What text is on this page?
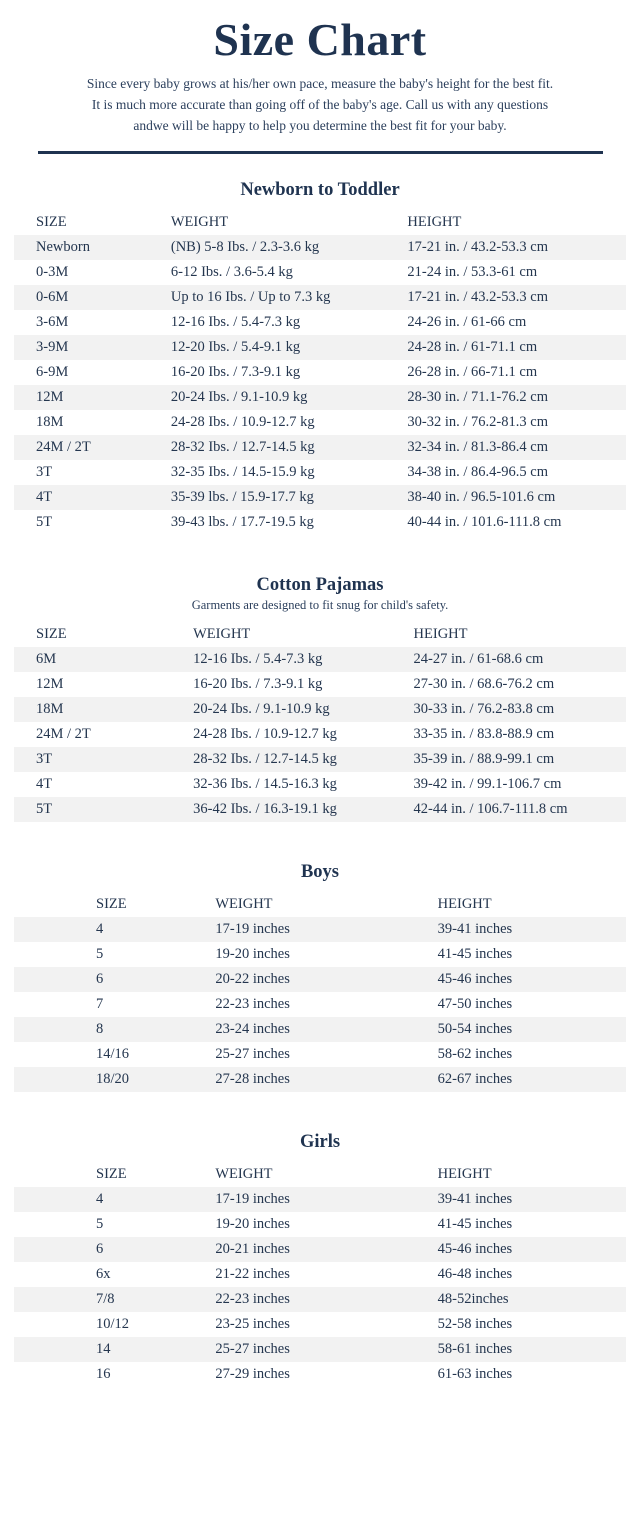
Size Chart
Since every baby grows at his/her own pace, measure the baby's height for the best fit.
It is much more accurate than going off of the baby's age. Call us with any questions
andwe will be happy to help you determine the best fit for your baby.
Newborn to Toddler
SIZE	WEIGHT	HEIGHT
Newborn	(NB) 5-8 Ibs. / 2.3-3.6 kg	17-21 in. / 43.2-53.3 cm
0-3M	6-12 Ibs. / 3.6-5.4 kg	21-24 in. / 53.3-61 cm
0-6M	Up to 16 Ibs. / Up to 7.3 kg	17-21 in. / 43.2-53.3 cm
3-6M	12-16 Ibs. / 5.4-7.3 kg	24-26 in. / 61-66 cm
3-9M	12-20 Ibs. / 5.4-9.1 kg	24-28 in. / 61-71.1 cm
6-9M	16-20 Ibs. / 7.3-9.1 kg	26-28 in. / 66-71.1 cm
12M	20-24 Ibs. / 9.1-10.9 kg	28-30 in. / 71.1-76.2 cm
18M	24-28 Ibs. / 10.9-12.7 kg	30-32 in. / 76.2-81.3 cm
24M / 2T	28-32 Ibs. / 12.7-14.5 kg	32-34 in. / 81.3-86.4 cm
3T	32-35 Ibs. / 14.5-15.9 kg	34-38 in. / 86.4-96.5 cm
4T	35-39 lbs. / 15.9-17.7 kg	38-40 in. / 96.5-101.6 cm
5T	39-43 lbs. / 17.7-19.5 kg	40-44 in. / 101.6-111.8 cm
Cotton Pajamas
Garments are designed to fit snug for child's safety.
SIZE	WEIGHT	HEIGHT
6M	12-16 Ibs. / 5.4-7.3 kg	24-27 in. / 61-68.6 cm
12M	16-20 Ibs. / 7.3-9.1 kg	27-30 in. / 68.6-76.2 cm
18M	20-24 Ibs. / 9.1-10.9 kg	30-33 in. / 76.2-83.8 cm
24M / 2T	24-28 Ibs. / 10.9-12.7 kg	33-35 in. / 83.8-88.9 cm
3T	28-32 Ibs. / 12.7-14.5 kg	35-39 in. / 88.9-99.1 cm
4T	32-36 Ibs. / 14.5-16.3 kg	39-42 in. / 99.1-106.7 cm
5T	36-42 Ibs. / 16.3-19.1 kg	42-44 in. / 106.7-111.8 cm
Boys
SIZE	WEIGHT	HEIGHT
4	17-19 inches	39-41 inches
5	19-20 inches	41-45 inches
6	20-22 inches	45-46 inches
7	22-23 inches	47-50 inches
8	23-24 inches	50-54 inches
14/16	25-27 inches	58-62 inches
18/20	27-28 inches	62-67 inches
Girls
SIZE	WEIGHT	HEIGHT
4	17-19 inches	39-41 inches
5	19-20 inches	41-45 inches
6	20-21 inches	45-46 inches
6x	21-22 inches	46-48 inches
7/8	22-23 inches	48-52inches
10/12	23-25 inches	52-58 inches
14	25-27 inches	58-61 inches
16	27-29 inches	61-63 inches
